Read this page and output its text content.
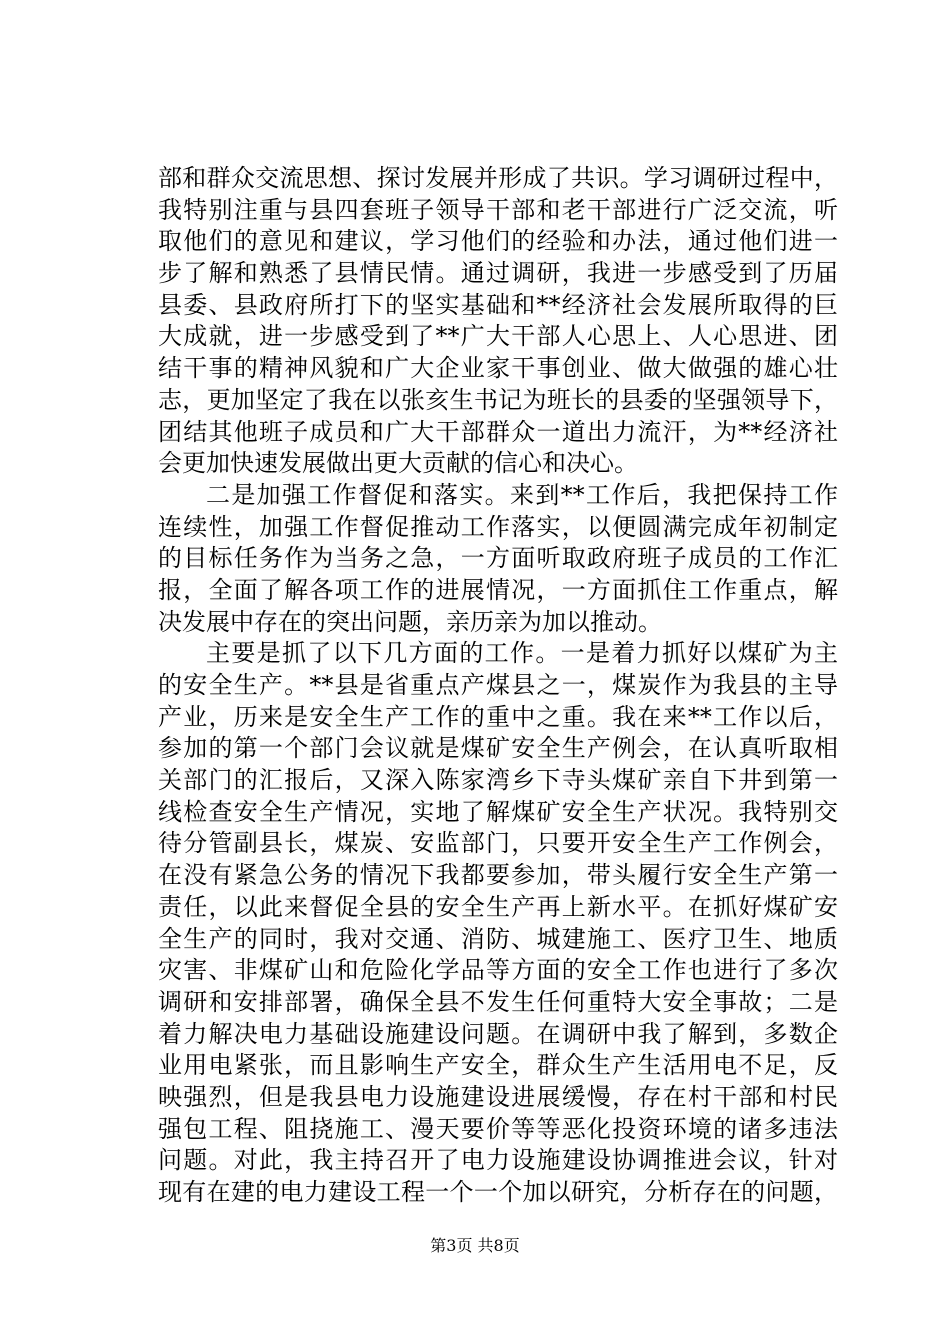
部和群众交流思想、探讨发展并形成了共识。学习调研过程中，
我特别注重与县四套班子领导干部和老干部进行广泛交流，听
取他们的意见和建议，学习他们的经验和办法，通过他们进一
步了解和熟悉了县情民情。通过调研，我进一步感受到了历届
县委、县政府所打下的坚实基础和**经济社会发展所取得的巨
大成就，进一步感受到了**广大干部人心思上、人心思进、团
结干事的精神风貌和广大企业家干事创业、做大做强的雄心壮
志，更加坚定了我在以张亥生书记为班长的县委的坚强领导下，
团结其他班子成员和广大干部群众一道出力流汗，为**经济社
会更加快速发展做出更大贡献的信心和决心。
二是加强工作督促和落实。来到**工作后，我把保持工作
连续性，加强工作督促推动工作落实，以便圆满完成年初制定
的目标任务作为当务之急，一方面听取政府班子成员的工作汇
报，全面了解各项工作的进展情况，一方面抓住工作重点，解
决发展中存在的突出问题，亲历亲为加以推动。
主要是抓了以下几方面的工作。一是着力抓好以煤矿为主
的安全生产。**县是省重点产煤县之一，煤炭作为我县的主导
产业，历来是安全生产工作的重中之重。我在来**工作以后，
参加的第一个部门会议就是煤矿安全生产例会，在认真听取相
关部门的汇报后，又深入陈家湾乡下寺头煤矿亲自下井到第一
线检查安全生产情况，实地了解煤矿安全生产状况。我特别交
待分管副县长，煤炭、安监部门，只要开安全生产工作例会，
在没有紧急公务的情况下我都要参加，带头履行安全生产第一
责任，以此来督促全县的安全生产再上新水平。在抓好煤矿安
全生产的同时，我对交通、消防、城建施工、医疗卫生、地质
灾害、非煤矿山和危险化学品等方面的安全工作也进行了多次
调研和安排部署，确保全县不发生任何重特大安全事故；二是
着力解决电力基础设施建设问题。在调研中我了解到，多数企
业用电紧张，而且影响生产安全，群众生产生活用电不足，反
映强烈，但是我县电力设施建设进展缓慢，存在村干部和村民
强包工程、阻挠施工、漫天要价等等恶化投资环境的诸多违法
问题。对此，我主持召开了电力设施建设协调推进会议，针对
现有在建的电力建设工程一个一个加以研究，分析存在的问题，
第3页 共8页
